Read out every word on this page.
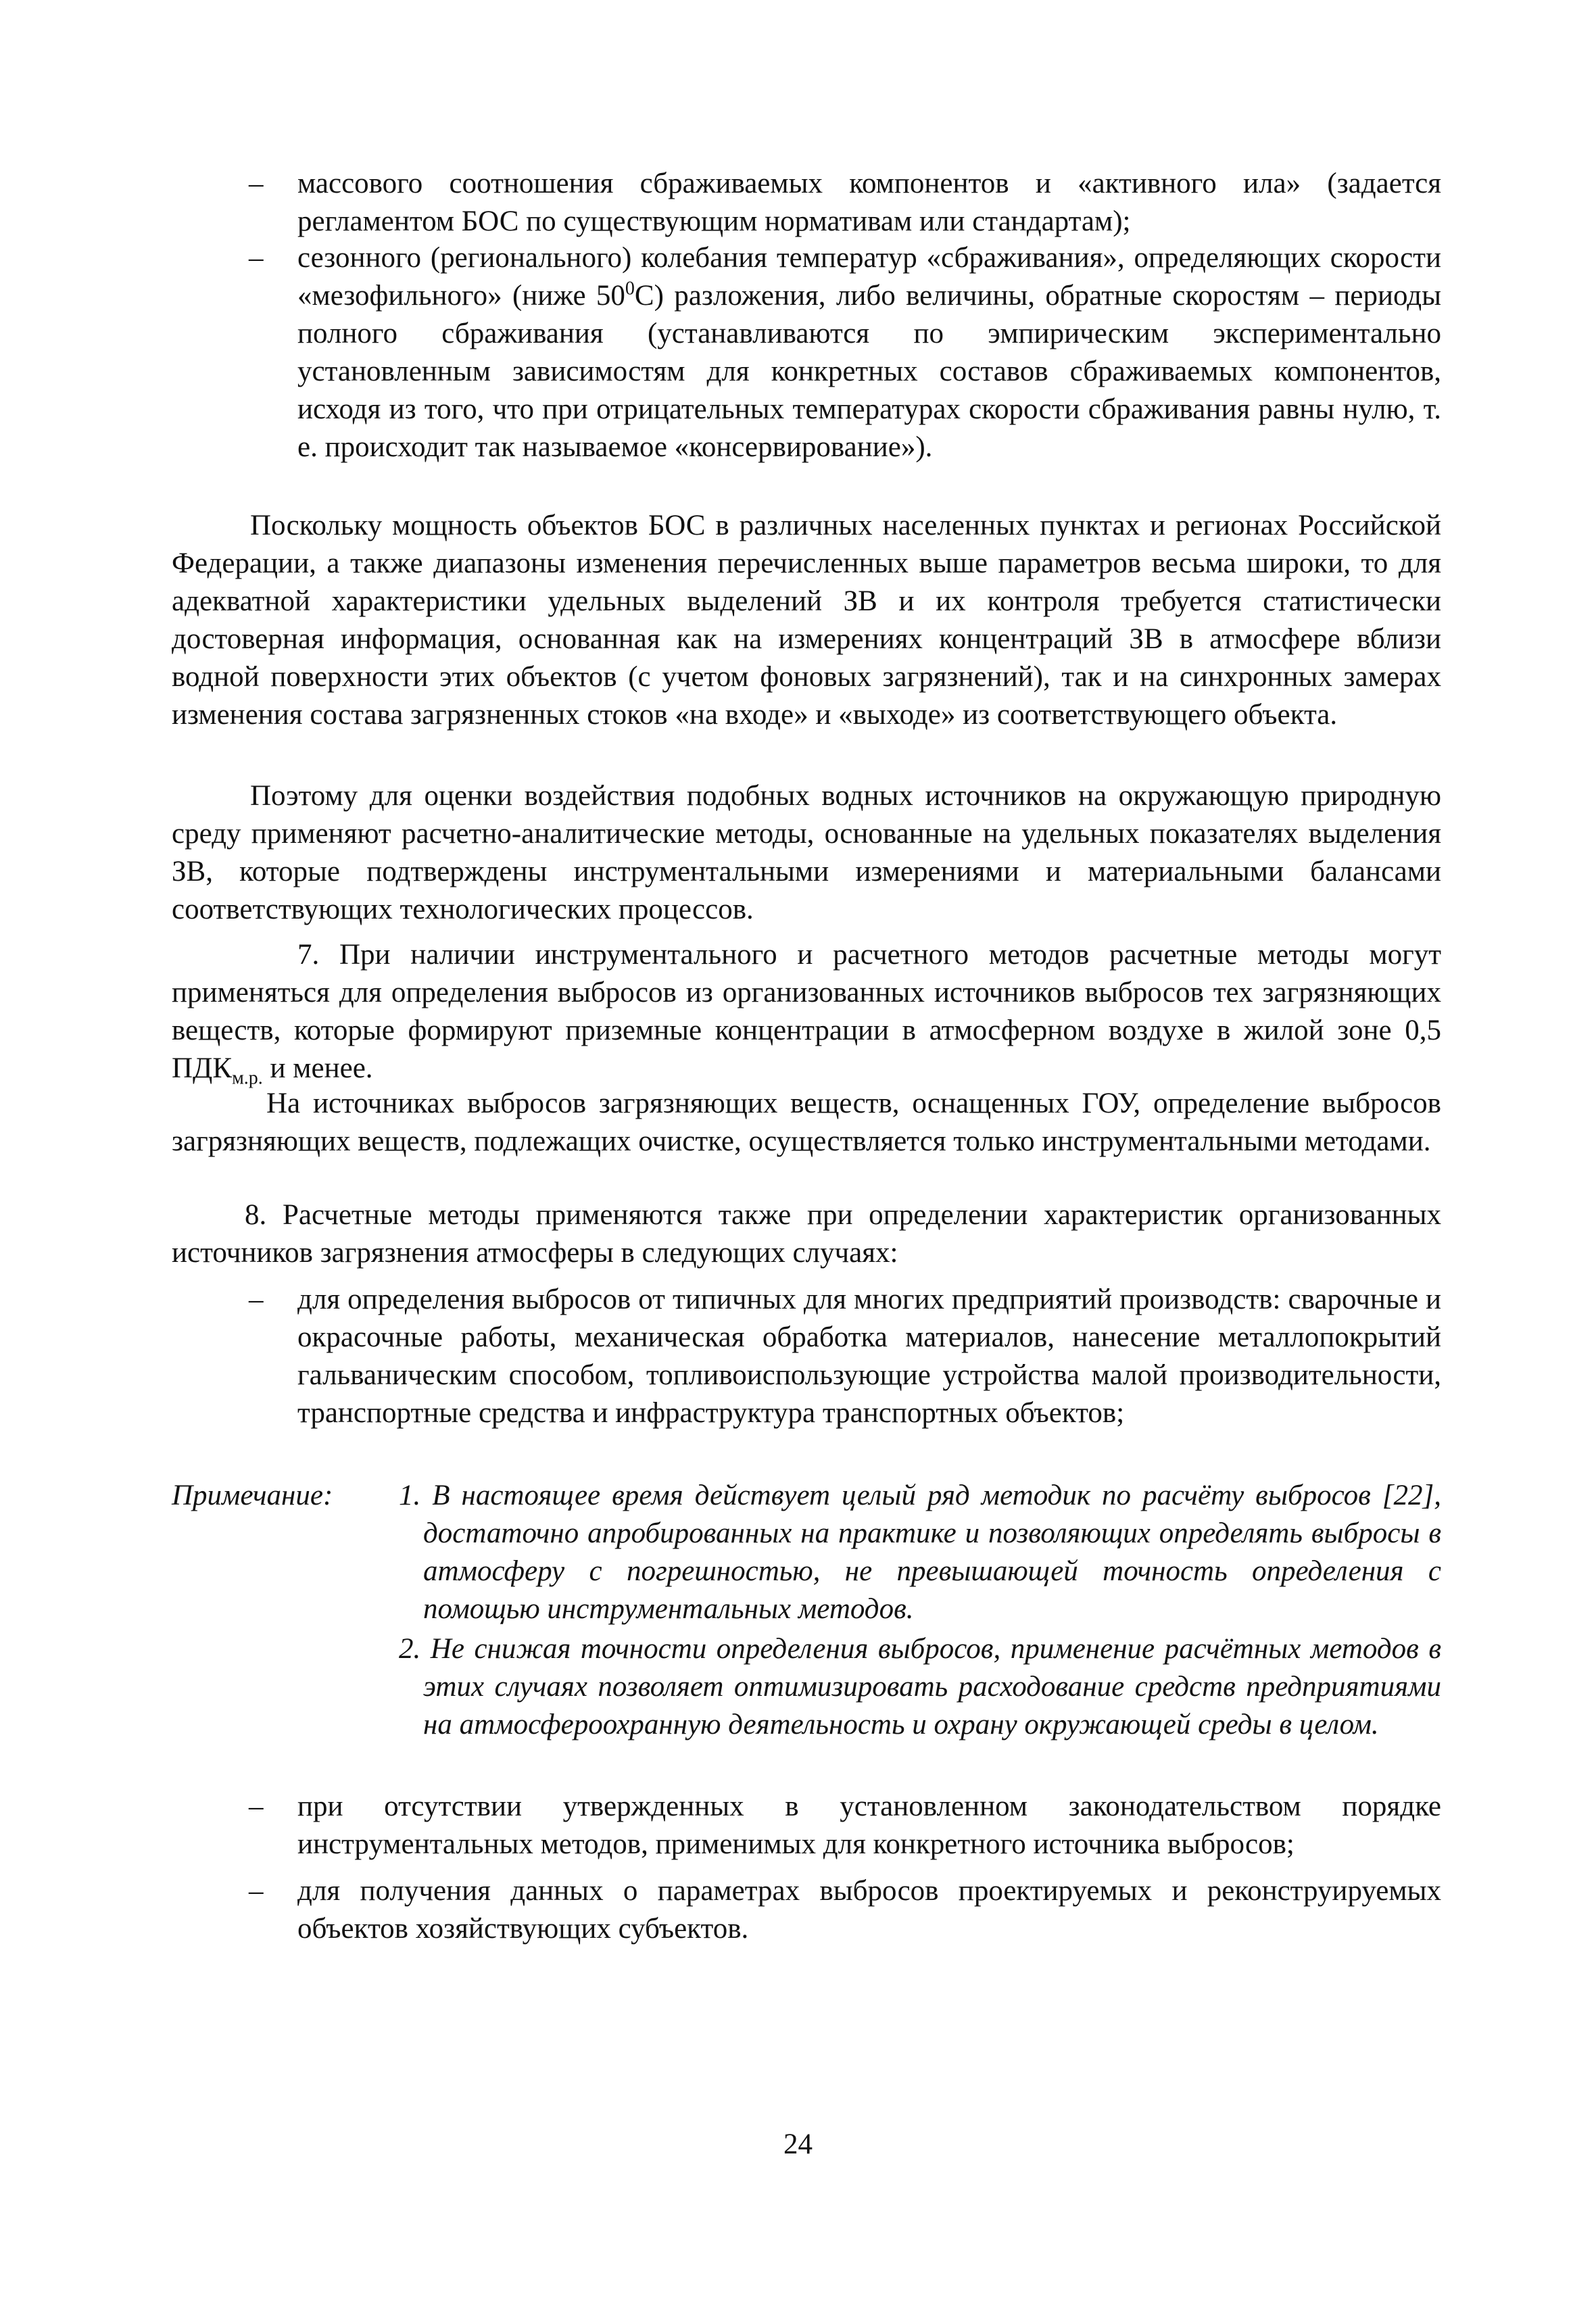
–	массового соотношения сбраживаемых компонентов и «активного ила» (задается регламентом БОС по существующим нормативам или стандартам);
–	сезонного (регионального) колебания температур «сбраживания», определяющих скорости «мезофильного» (ниже $50^0С$) разложения, либо величины, обратные скоростям – периоды полного сбраживания (устанавливаются по эмпирическим экспериментально установленным зависимостям для конкретных составов сбраживаемых компонентов, исходя из того, что при отрицательных температурах скорости сбраживания равны нулю, т. е. происходит так называемое «консервирование»).
Поскольку мощность объектов БОС в различных населенных пунктах и регионах Российской Федерации, а также диапазоны изменения перечисленных выше параметров весьма широки, то для адекватной характеристики удельных выделений ЗВ и их контроля требуется статистически достоверная информация, основанная как на измерениях концентраций ЗВ в атмосфере вблизи водной поверхности этих объектов (с учетом фоновых загрязнений), так и на синхронных замерах изменения состава загрязненных стоков «на входе» и «выходе» из соответствующего объекта.
Поэтому для оценки воздействия подобных водных источников на окружающую природную среду применяют расчетно-аналитические методы, основанные на удельных показателях выделения ЗВ, которые подтверждены инструментальными измерениями и материальными балансами соответствующих технологических процессов.
7. При наличии инструментального и расчетного методов расчетные методы могут применяться для определения выбросов из организованных источников выбросов тех загрязняющих веществ, которые формируют приземные концентрации в атмосферном воздухе в жилой зоне 0,5 $ПДК_{м.р.}$ и менее.
На источниках выбросов загрязняющих веществ, оснащенных ГОУ, определение выбросов загрязняющих веществ, подлежащих очистке, осуществляется только инструментальными методами.
8. Расчетные методы применяются также при определении характеристик организованных источников загрязнения атмосферы в следующих случаях:
–	для определения выбросов от типичных для многих предприятий производств: сварочные и окрасочные работы, механическая обработка материалов, нанесение металлопокрытий гальваническим способом, топливоиспользующие устройства малой производительности, транспортные средства и инфраструктура транспортных объектов;
Примечание: 1. В настоящее время действует целый ряд методик по расчёту выбросов [22], достаточно апробированных на практике и позволяющих определять выбросы в атмосферу с погрешностью, не превышающей точность определения с помощью инструментальных методов.
2. Не снижая точности определения выбросов, применение расчётных методов в этих случаях позволяет оптимизировать расходование средств предприятиями на атмосфероохранную деятельность и охрану окружающей среды в целом.
–	при отсутствии утвержденных в установленном законодательством порядке инструментальных методов, применимых для конкретного источника выбросов;
–	для получения данных о параметрах выбросов проектируемых и реконструируемых объектов хозяйствующих субъектов.
24
